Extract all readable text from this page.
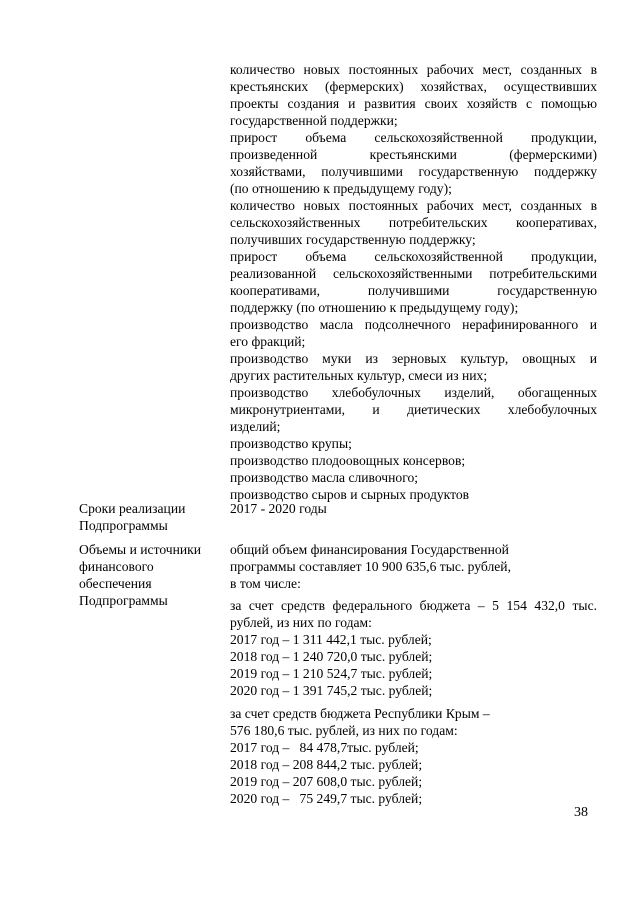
количество новых постоянных рабочих мест, созданных в
крестьянских (фермерских) хозяйствах, осуществивших
проекты создания и развития своих хозяйств с помощью
государственной поддержки;
прирост объема сельскохозяйственной продукции,
произведенной крестьянскими (фермерскими)
хозяйствами, получившими государственную поддержку
(по отношению к предыдущему году);
количество новых постоянных рабочих мест, созданных в
сельскохозяйственных потребительских кооперативах,
получивших государственную поддержку;
прирост объема сельскохозяйственной продукции,
реализованной сельскохозяйственными потребительскими
кооперативами, получившими государственную
поддержку (по отношению к предыдущему году);
производство масла подсолнечного нерафинированного и
его фракций;
производство муки из зерновых культур, овощных и
других растительных культур, смеси из них;
производство хлебобулочных изделий, обогащенных
микронутриентами, и диетических хлебобулочных
изделий;
производство крупы;
производство плодоовощных консервов;
производство масла сливочного;
производство сыров и сырных продуктов
Сроки реализации
Подпрограммы
2017 - 2020 годы
Объемы и источники
финансового
обеспечения
Подпрограммы
общий объем финансирования Государственной
программы составляет 10 900 635,6 тыс. рублей,
в том числе:
за счет средств федерального бюджета – 5 154 432,0 тыс.
рублей, из них по годам:
2017 год – 1 311 442,1 тыс. рублей;
2018 год – 1 240 720,0 тыс. рублей;
2019 год – 1 210 524,7 тыс. рублей;
2020 год – 1 391 745,2 тыс. рублей;
за счет средств бюджета Республики Крым –
576 180,6 тыс. рублей, из них по годам:
2017 год –   84 478,7тыс. рублей;
2018 год – 208 844,2 тыс. рублей;
2019 год – 207 608,0 тыс. рублей;
2020 год –   75 249,7 тыс. рублей;
38
